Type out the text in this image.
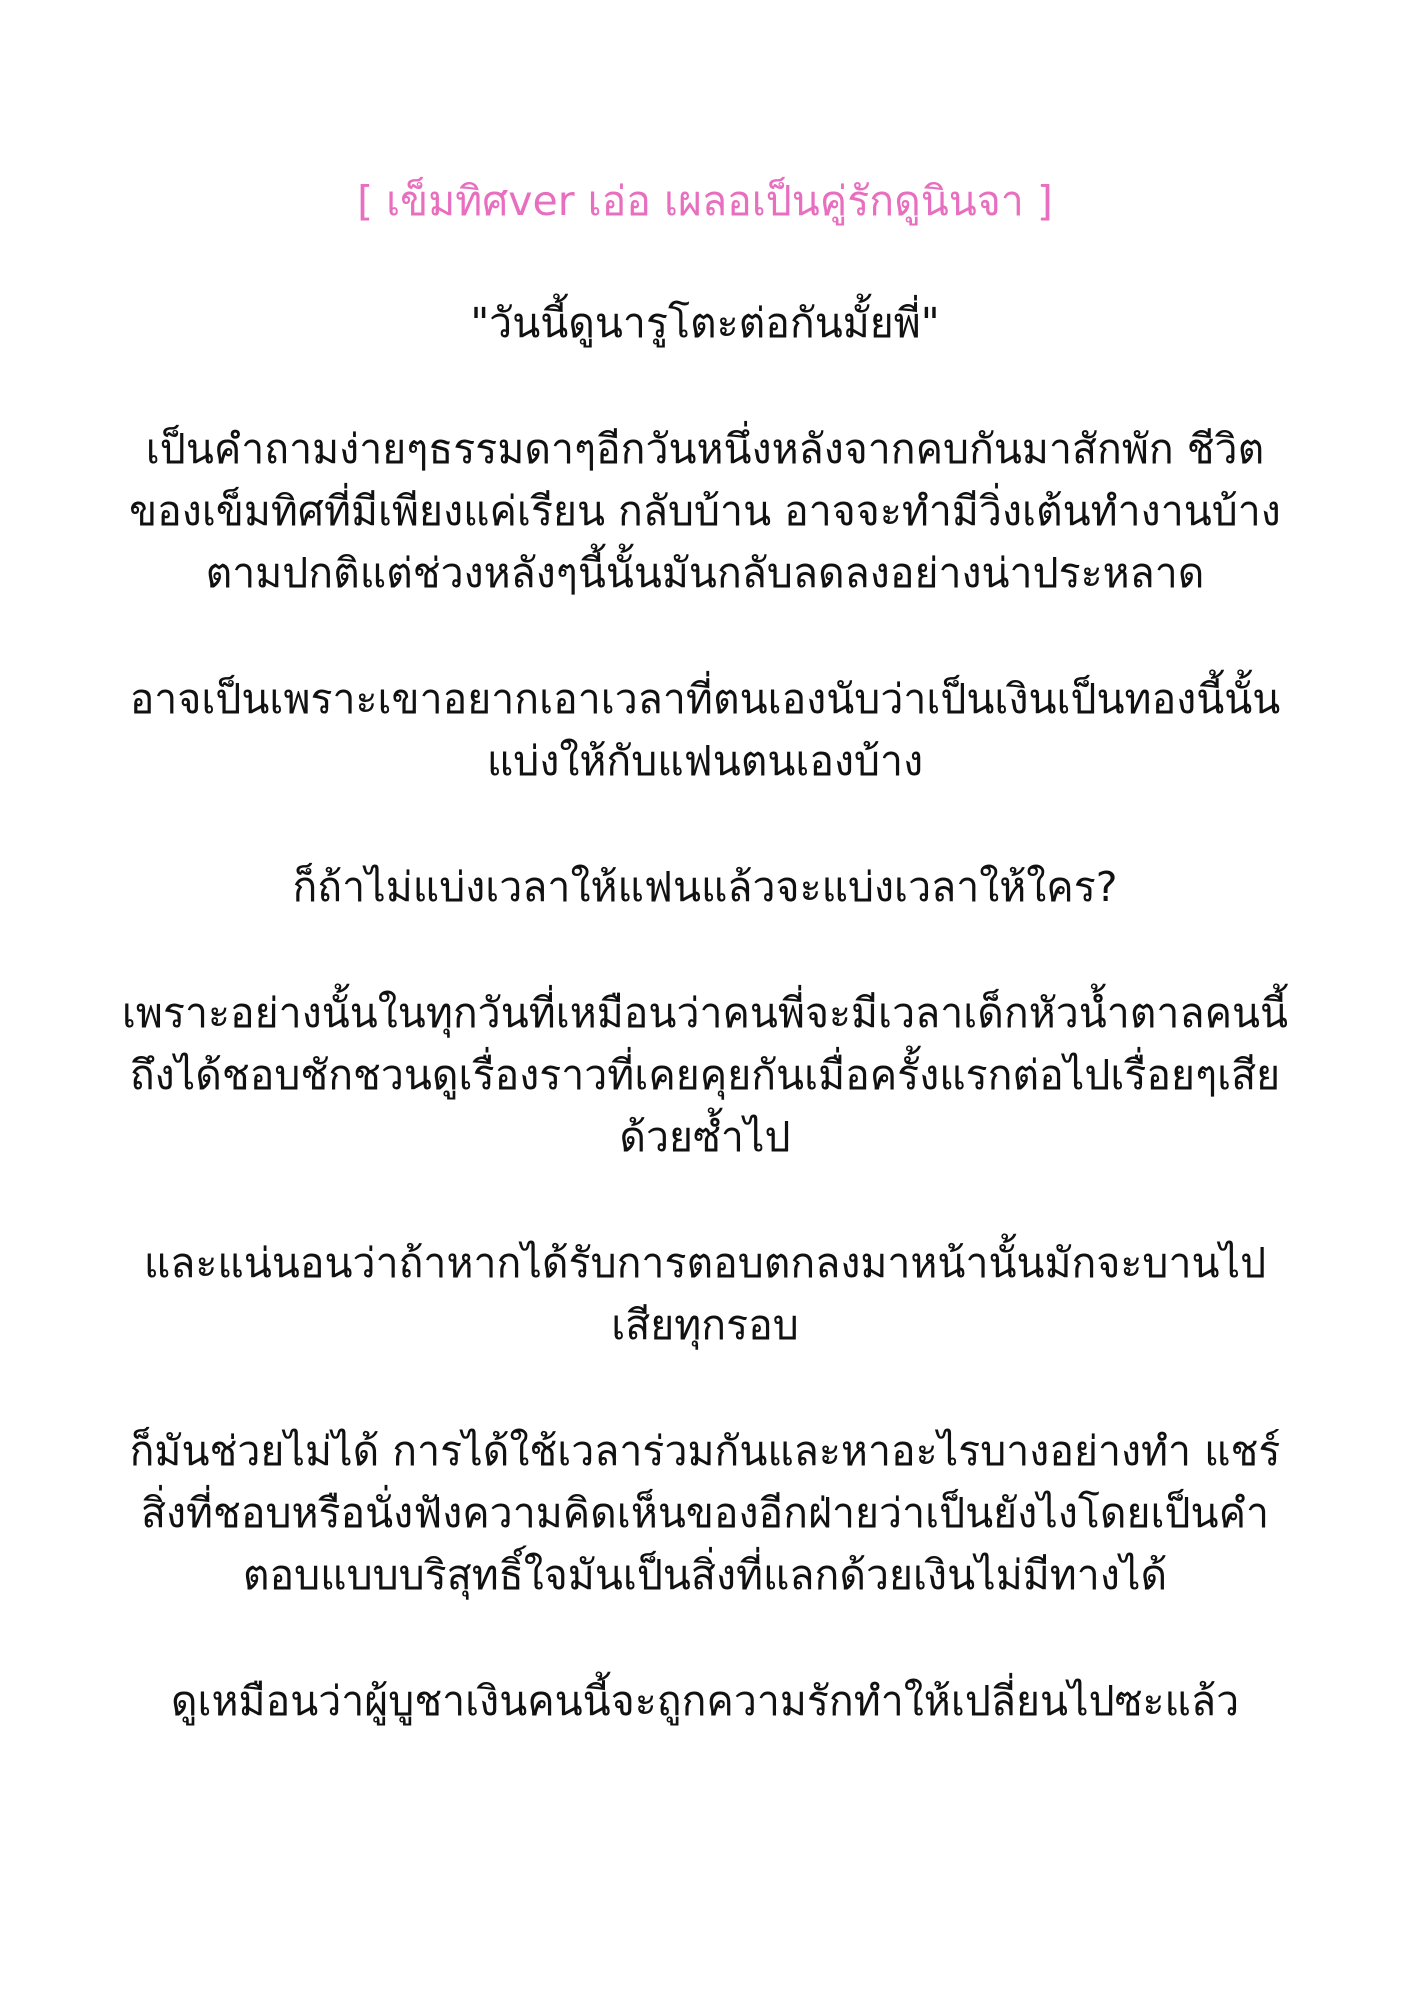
[ เข็มทิศver เอ่อ เผลอเป็นคู่รักดูนินจา ]

"วันนี้ดูนารูโตะต่อกันมั้ยพี่"

เป็นคำถามง่ายๆธรรมดาๆอีกวันหนึ่งหลังจากคบกันมาสักพัก ชีวิตของเข็มทิศที่มีเพียงแค่เรียน กลับบ้าน อาจจะทำมีวิ่งเต้นทำงานบ้างตามปกติแต่ช่วงหลังๆนี้นั้นมันกลับลดลงอย่างน่าประหลาด

อาจเป็นเพราะเขาอยากเอาเวลาที่ตนเองนับว่าเป็นเงินเป็นทองนี้นั้นแบ่งให้กับแฟนตนเองบ้าง

ก็ถ้าไม่แบ่งเวลาให้แฟนแล้วจะแบ่งเวลาให้ใคร?

เพราะอย่างนั้นในทุกวันที่เหมือนว่าคนพี่จะมีเวลาเด็กหัวน้ำตาลคนนี้ถึงได้ชอบชักชวนดูเรื่องราวที่เคยคุยกันเมื่อครั้งแรกต่อไปเรื่อยๆเสียด้วยซ้ำไป

และแน่นอนว่าถ้าหากได้รับการตอบตกลงมาหน้านั้นมักจะบานไปเสียทุกรอบ

ก็มันช่วยไม่ได้ การได้ใช้เวลาร่วมกันและหาอะไรบางอย่างทำ แชร์สิ่งที่ชอบหรือนั่งฟังความคิดเห็นของอีกฝ่ายว่าเป็นยังไงโดยเป็นคำตอบแบบบริสุทธิ์ใจมันเป็นสิ่งที่แลกด้วยเงินไม่มีทางได้

ดูเหมือนว่าผู้บูชาเงินคนนี้จะถูกความรักทำให้เปลี่ยนไปซะแล้ว
